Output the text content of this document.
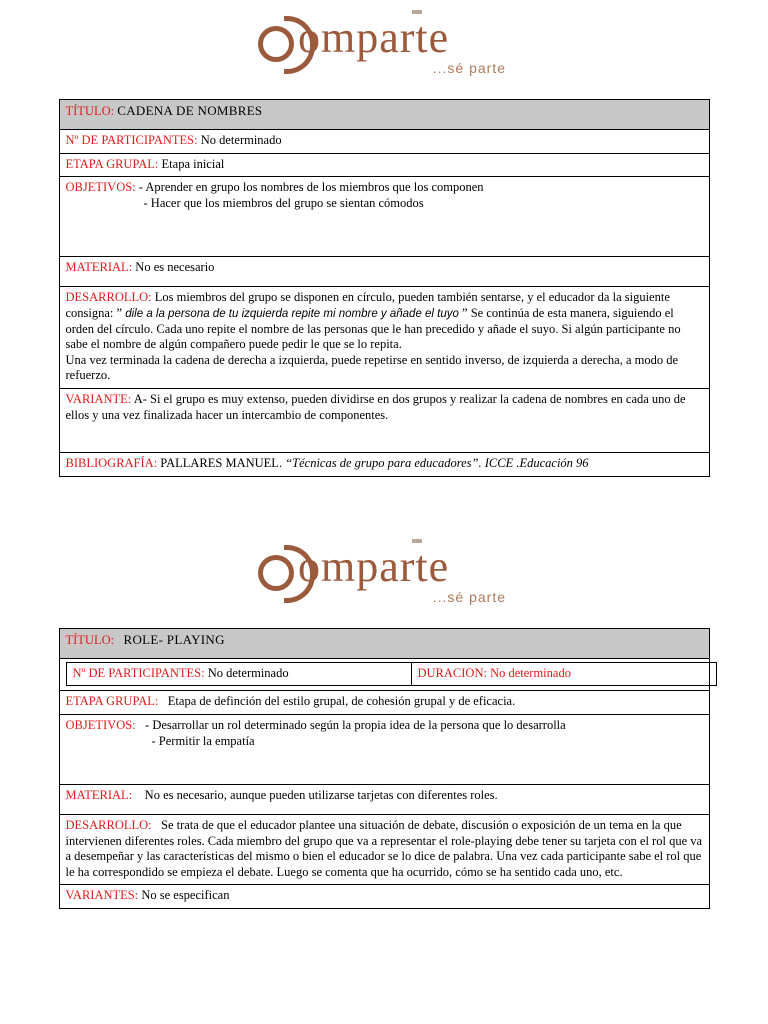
omparte
...sé parte
TÍTULO: CADENA DE NOMBRES
Nº DE PARTICIPANTES: No determinado
ETAPA GRUPAL: Etapa inicial
OBJETIVOS: - Aprender en grupo los nombres de los miembros que los componen
- Hacer que los miembros del grupo se sientan cómodos
MATERIAL: No es necesario
DESARROLLO: Los miembros del grupo se disponen en círculo, pueden también sentarse, y el educador da la siguiente consigna: ” dile a la persona de tu izquierda repite mi nombre y añade el tuyo ” Se continúa de esta manera, siguiendo el orden del círculo. Cada uno repite el nombre de las personas que le han precedido y añade el suyo. Si algún participante no sabe el nombre de algún compañero puede pedir le que se lo repita.
Una vez terminada la cadena de derecha a izquierda, puede repetirse en sentido inverso, de izquierda a derecha, a modo de refuerzo.

VARIANTE: A- Si el grupo es muy extenso, pueden dividirse en dos grupos y realizar la cadena de nombres en cada uno de ellos y una vez finalizada hacer un intercambio de componentes.
BIBLIOGRAFÍA: PALLARES MANUEL. “Técnicas de grupo para educadores”. ICCE .Educación 96
omparte
...sé parte
TÍTULO: ROLE- PLAYING

Nº DE PARTICIPANTES: No determinado	DURACION: No determinado

ETAPA GRUPAL: Etapa de definción del estilo grupal, de cohesión grupal y de eficacia.
OBJETIVOS: - Desarrollar un rol determinado según la propia idea de la persona que lo desarrolla
- Permitir la empatía
MATERIAL: No es necesario, aunque pueden utilizarse tarjetas con diferentes roles.
DESARROLLO: Se trata de que el educador plantee una situación de debate, discusión o exposición de un tema en la que intervienen diferentes roles. Cada miembro del grupo que va a representar el role-playing debe tener su tarjeta con el rol que va a desempeñar y las características del mismo o bien el educador se lo dice de palabra. Una vez cada participante sabe el rol que le ha correspondido se empieza el debate. Luego se comenta que ha ocurrido, cómo se ha sentido cada uno, etc.
VARIANTES: No se especifican
